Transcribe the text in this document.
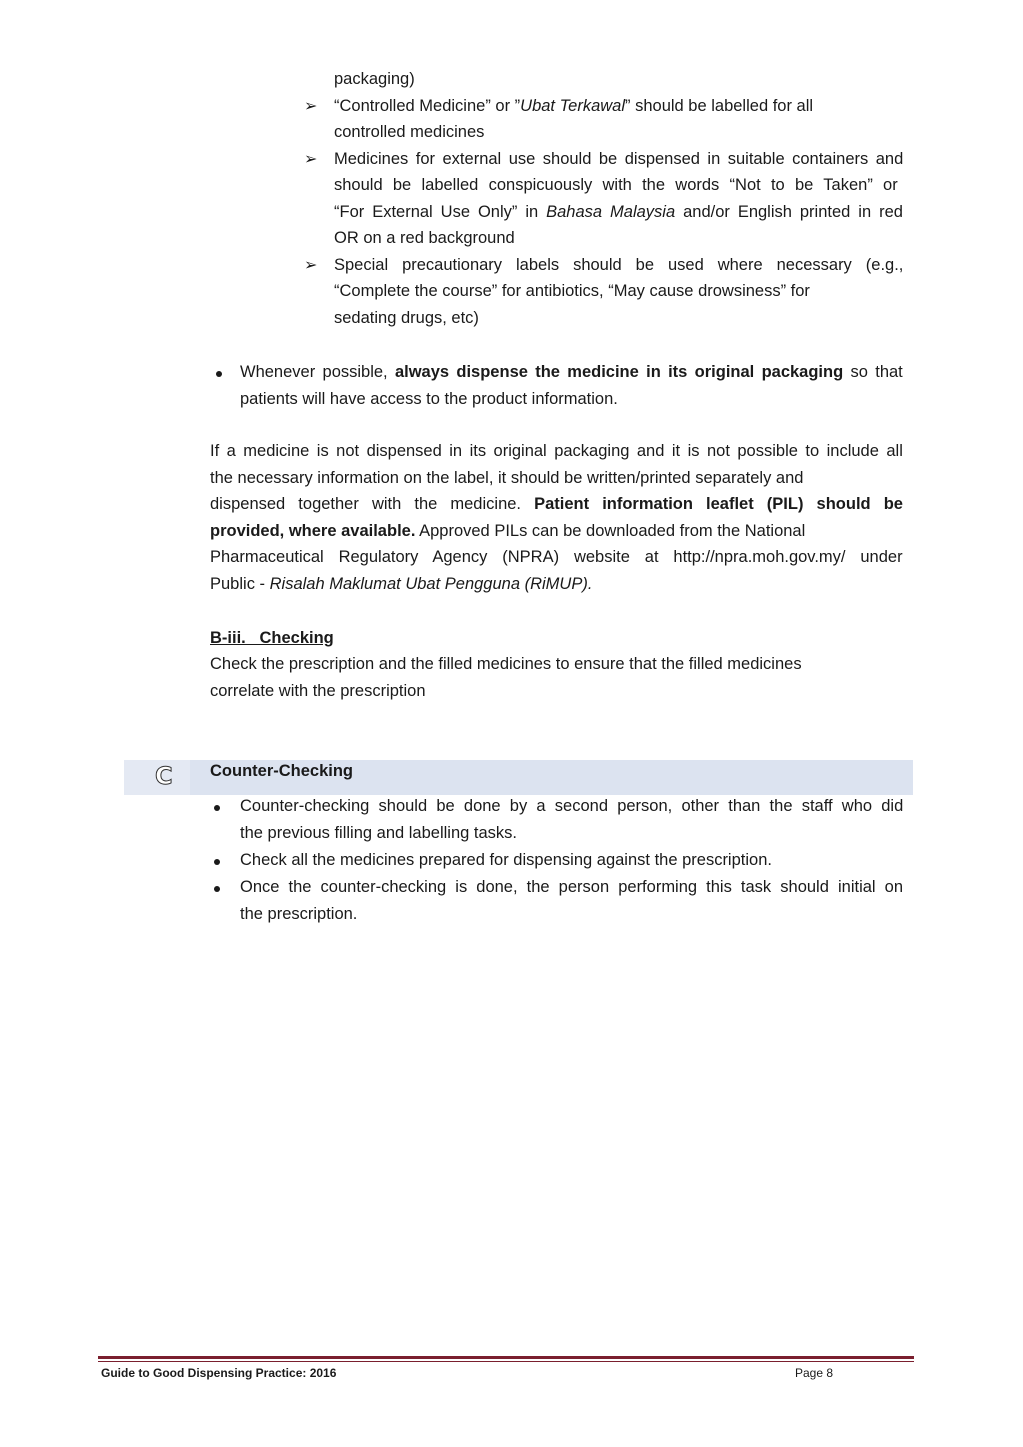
packaging)
➢ “Controlled Medicine” or ”Ubat Terkawal” should be labelled for all
controlled medicines
➢ Medicines for external use should be dispensed in suitable containers and
should be labelled conspicuously with the words “Not to be Taken” or
“For External Use Only” in Bahasa Malaysia and/or English printed in red
OR on a red background
➢ Special precautionary labels should be used where necessary (e.g.,
“Complete the course” for antibiotics, “May cause drowsiness” for
sedating drugs, etc)
Whenever possible, always dispense the medicine in its original packaging so that
patients will have access to the product information.
If a medicine is not dispensed in its original packaging and it is not possible to include all
the necessary information on the label, it should be written/printed separately and
dispensed together with the medicine. Patient information leaflet (PIL) should be
provided, where available. Approved PILs can be downloaded from the National
Pharmaceutical Regulatory Agency (NPRA) website at http://npra.moh.gov.my/ under
Public - Risalah Maklumat Ubat Pengguna (RiMUP).
B-iii.   Checking
Check the prescription and the filled medicines to ensure that the filled medicines
correlate with the prescription
C Counter-Checking
Counter-checking should be done by a second person, other than the staff who did
the previous filling and labelling tasks.
Check all the medicines prepared for dispensing against the prescription.
Once the counter-checking is done, the person performing this task should initial on
the prescription.
Guide to Good Dispensing Practice: 2016	Page 8
